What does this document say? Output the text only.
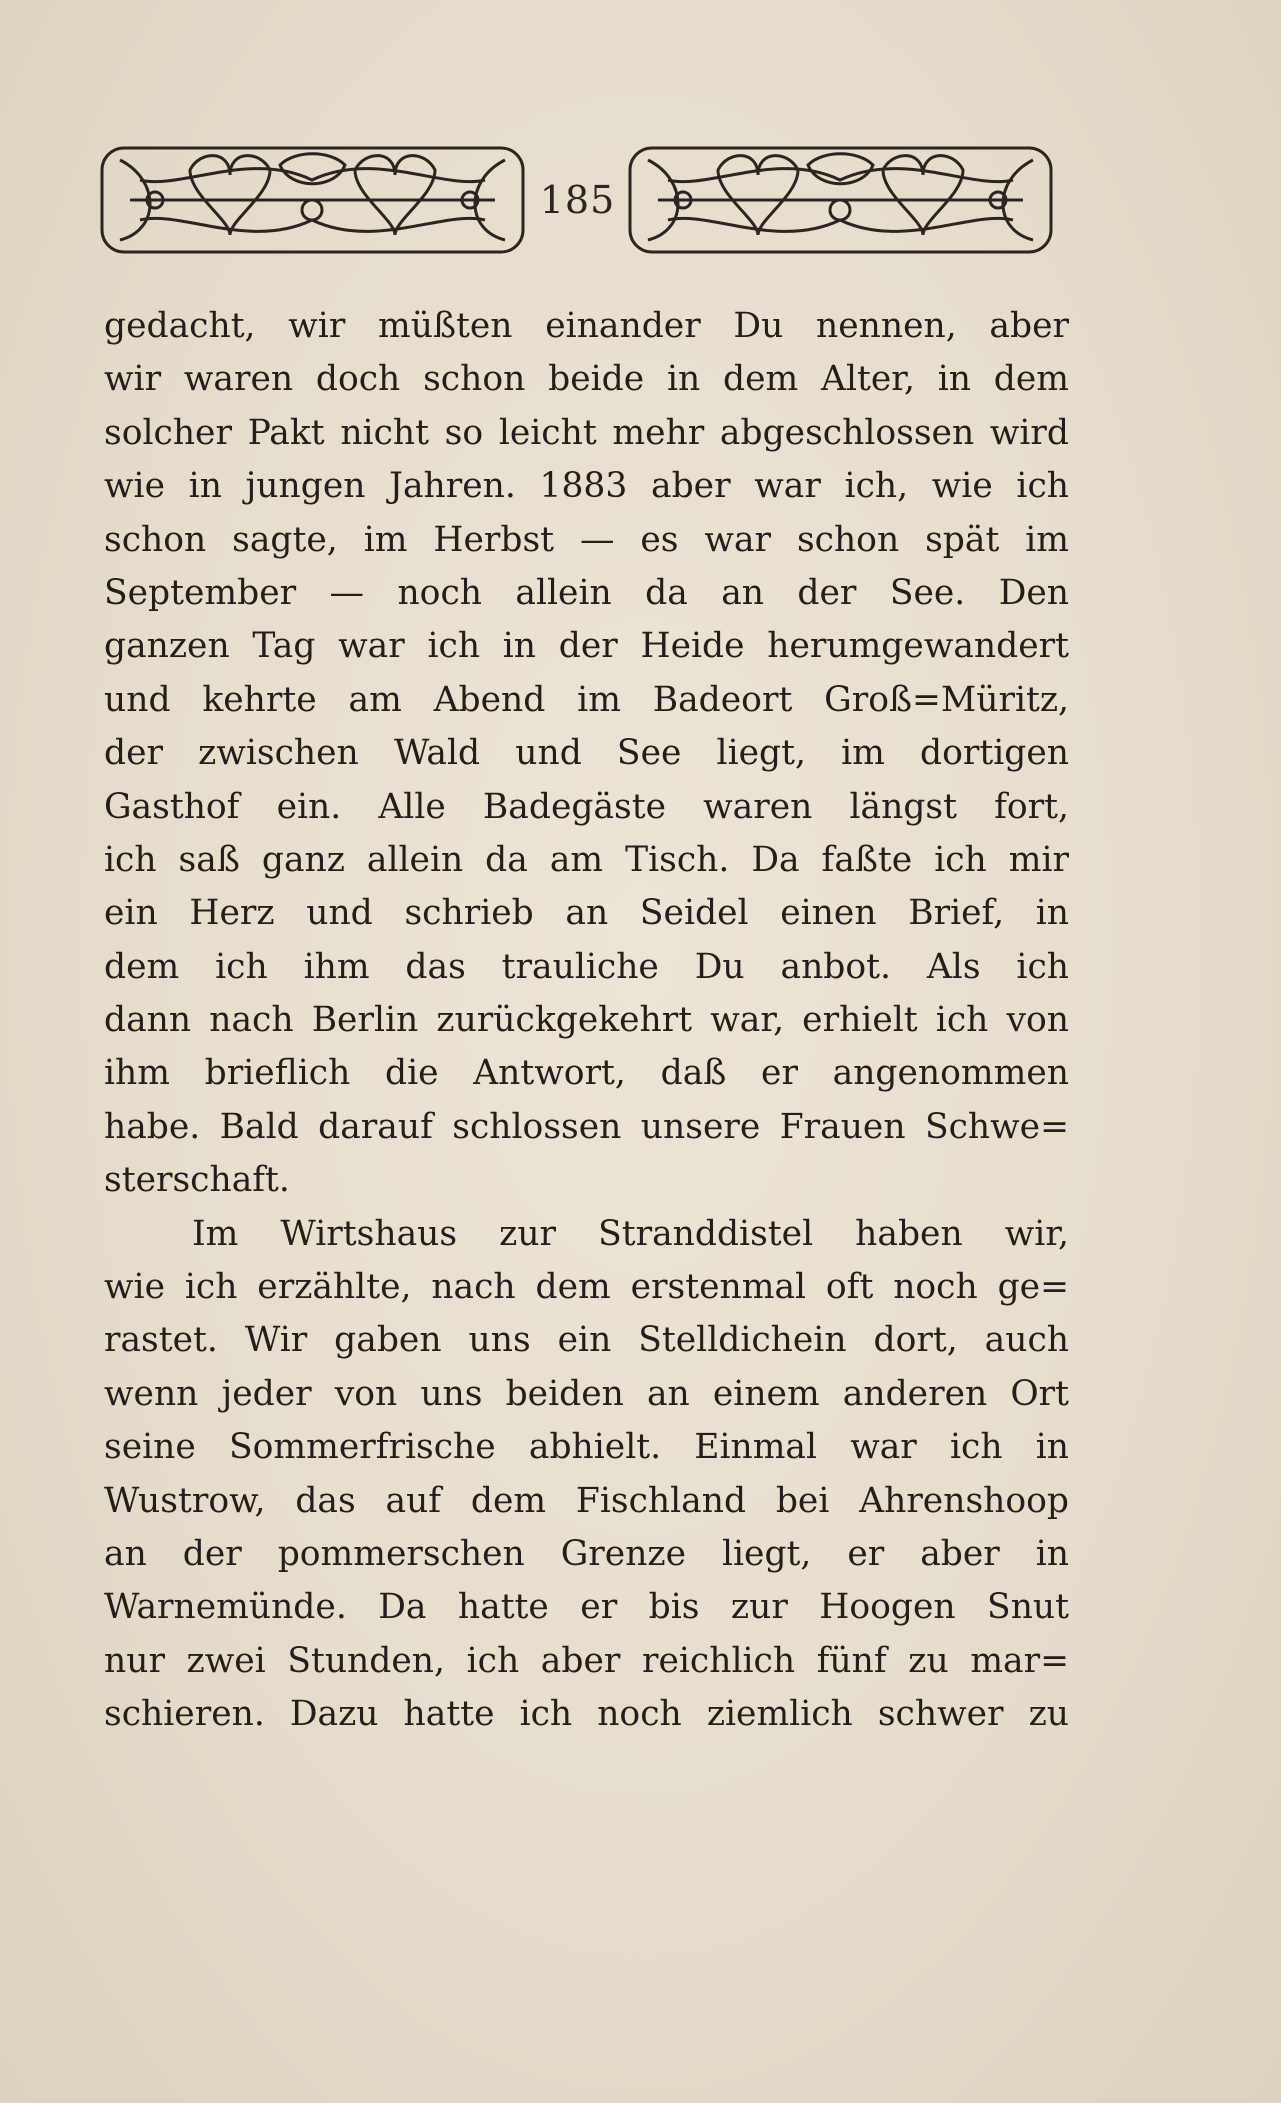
185
gedacht, wir müßten einander Du nennen, aber
wir waren doch schon beide in dem Alter, in dem
solcher Pakt nicht so leicht mehr abgeschlossen wird
wie in jungen Jahren. 1883 aber war ich, wie ich
schon sagte, im Herbst — es war schon spät im
September — noch allein da an der See. Den
ganzen Tag war ich in der Heide herumgewandert
und kehrte am Abend im Badeort Groß=Müritz,
der zwischen Wald und See liegt, im dortigen
Gasthof ein. Alle Badegäste waren längst fort,
ich saß ganz allein da am Tisch. Da faßte ich mir
ein Herz und schrieb an Seidel einen Brief, in
dem ich ihm das trauliche Du anbot. Als ich
dann nach Berlin zurückgekehrt war, erhielt ich von
ihm brieflich die Antwort, daß er angenommen
habe. Bald darauf schlossen unsere Frauen Schwe=
sterschaft.
Im Wirtshaus zur Stranddistel haben wir,
wie ich erzählte, nach dem erstenmal oft noch ge=
rastet. Wir gaben uns ein Stelldichein dort, auch
wenn jeder von uns beiden an einem anderen Ort
seine Sommerfrische abhielt. Einmal war ich in
Wustrow, das auf dem Fischland bei Ahrenshoop
an der pommerschen Grenze liegt, er aber in
Warnemünde. Da hatte er bis zur Hoogen Snut
nur zwei Stunden, ich aber reichlich fünf zu mar=
schieren. Dazu hatte ich noch ziemlich schwer zu
